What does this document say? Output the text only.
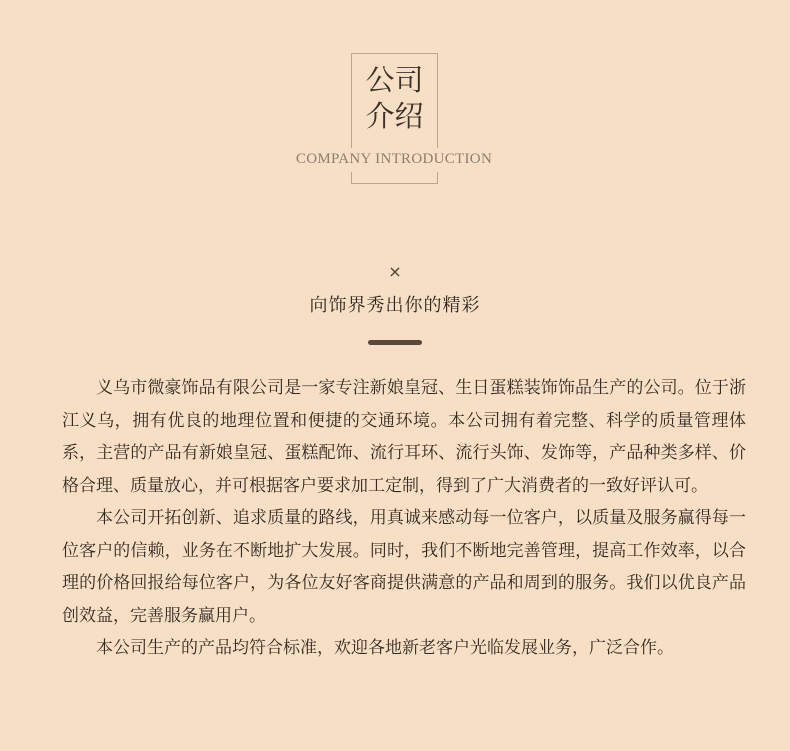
公司
介绍
COMPANY INTRODUCTION
×
向饰界秀出你的精彩

义乌市微豪饰品有限公司是一家专注新娘皇冠、生日蛋糕装饰饰品生产的公司。位于浙江义乌，拥有优良的地理位置和便捷的交通环境。本公司拥有着完整、科学的质量管理体系，主营的产品有新娘皇冠、蛋糕配饰、流行耳环、流行头饰、发饰等，产品种类多样、价格合理、质量放心，并可根据客户要求加工定制，得到了广大消费者的一致好评认可。

本公司开拓创新、追求质量的路线，用真诚来感动每一位客户，以质量及服务赢得每一位客户的信赖，业务在不断地扩大发展。同时，我们不断地完善管理，提高工作效率，以合理的价格回报给每位客户，为各位友好客商提供满意的产品和周到的服务。我们以优良产品创效益，完善服务赢用户。

本公司生产的产品均符合标准，欢迎各地新老客户光临发展业务，广泛合作。
